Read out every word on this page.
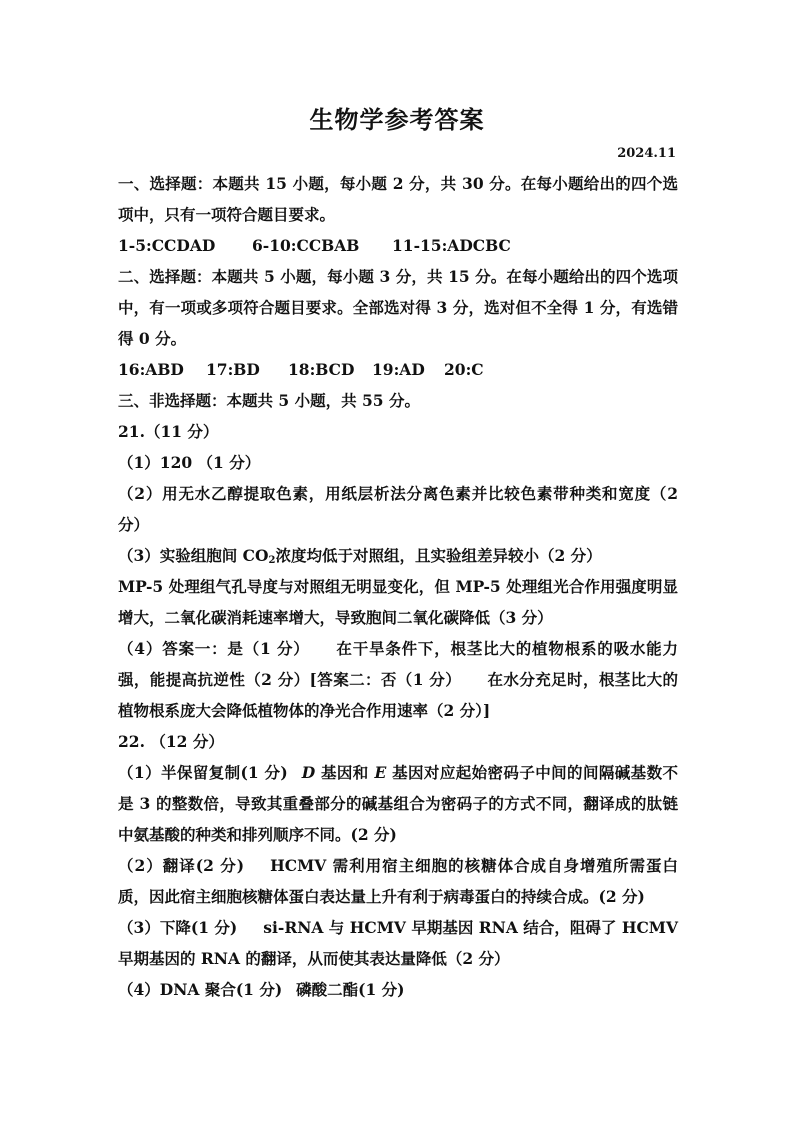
生物学参考答案
2024.11

一、选择题：本题共 15 小题，每小题 2 分，共 30 分。在每小题给出的四个选项中，只有一项符合题目要求。

1-5:CCDAD	6-10:CCBAB	11-15:ADCBC

二、选择题：本题共 5 小题，每小题 3 分，共 15 分。在每小题给出的四个选项中，有一项或多项符合题目要求。全部选对得 3 分，选对但不全得 1 分，有选错得 0 分。

16:ABD	17:BD	18:BCD	19:AD	20:C

三、非选择题：本题共 5 小题，共 55 分。

21.（11 分）

（1）120 （1 分）

（2）用无水乙醇提取色素，用纸层析法分离色素并比较色素带种类和宽度（2 分）

（3）实验组胞间 $CO_2$浓度均低于对照组，且实验组差异较小（2 分）

MP-5 处理组气孔导度与对照组无明显变化，但 MP-5 处理组光合作用强度明显增大，二氧化碳消耗速率增大，导致胞间二氧化碳降低（3 分）

（4）答案一：是（1 分） 在干旱条件下，根茎比大的植物根系的吸水能力强，能提高抗逆性（2 分）[答案二：否（1 分） 在水分充足时，根茎比大的植物根系庞大会降低植物体的净光合作用速率（2 分）]

22. （12 分）

（1）半保留复制(1 分) D 基因和 E 基因对应起始密码子中间的间隔碱基数不是 3 的整数倍，导致其重叠部分的碱基组合为密码子的方式不同，翻译成的肽链中氨基酸的种类和排列顺序不同。(2 分)

（2）翻译(2 分) HCMV 需利用宿主细胞的核糖体合成自身增殖所需蛋白质，因此宿主细胞核糖体蛋白表达量上升有利于病毒蛋白的持续合成。(2 分)

（3）下降(1 分) si-RNA 与 HCMV 早期基因 RNA 结合，阻碍了 HCMV 早期基因的 RNA 的翻译，从而使其表达量降低（2 分）

（4）DNA 聚合(1 分) 磷酸二酯(1 分)
